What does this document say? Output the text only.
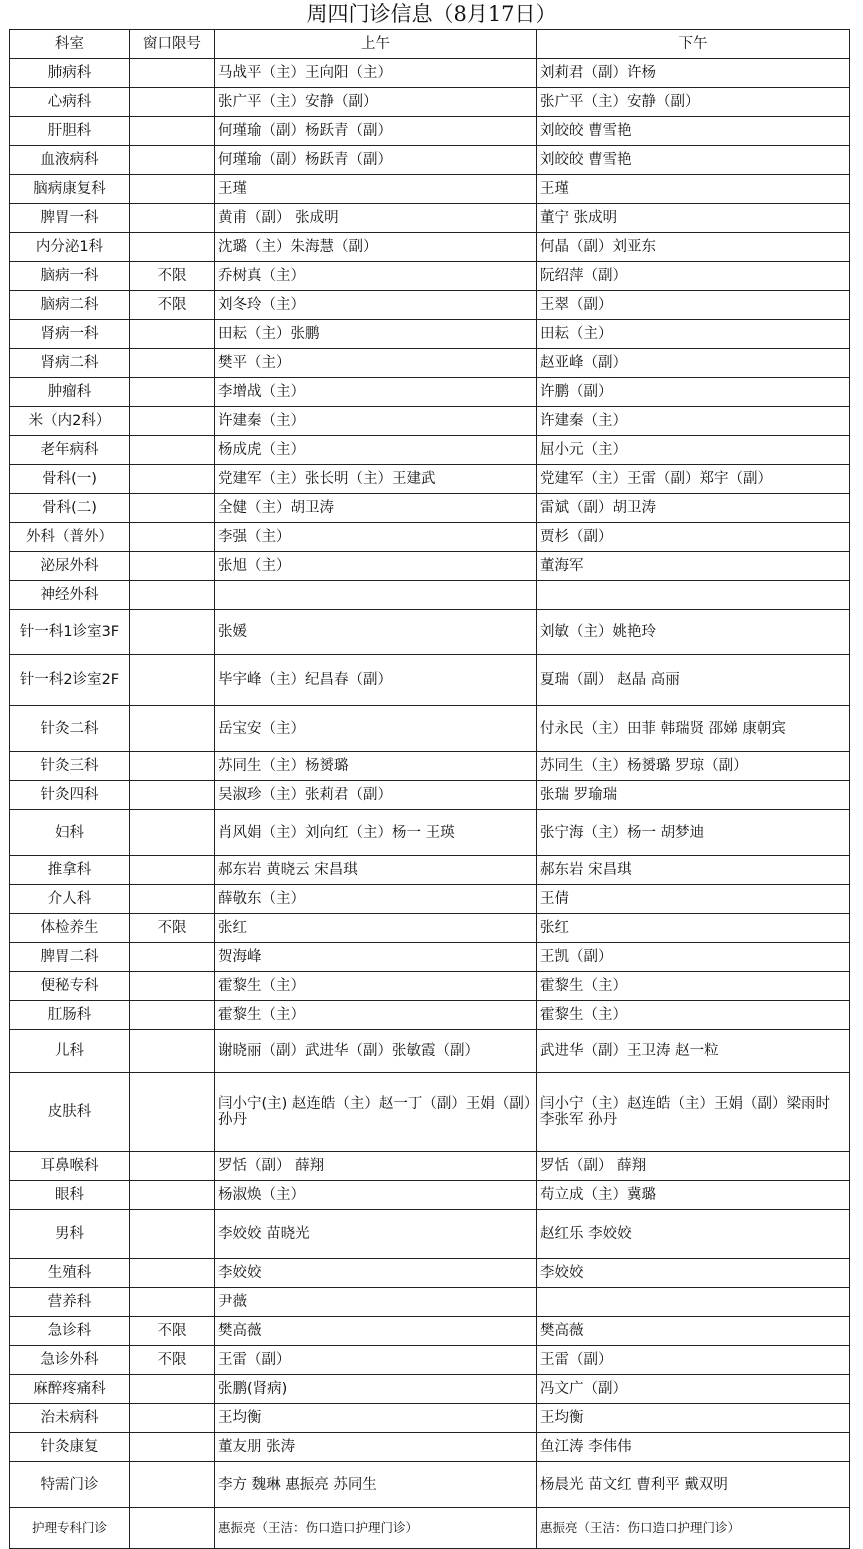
周四门诊信息（8月17日）
科室	窗口限号	上午	下午
肺病科		马战平（主）王向阳（主）	刘莉君（副）许杨
心病科		张广平（主）安静（副）	张广平（主）安静（副）
肝胆科		何瑾瑜（副）杨跃青（副）	刘皎皎 曹雪艳
血液病科		何瑾瑜（副）杨跃青（副）	刘皎皎 曹雪艳
脑病康复科		王瑾	王瑾
脾胃一科		黄甫（副） 张成明	董宁 张成明
内分泌1科		沈璐（主）朱海慧（副）	何晶（副）刘亚东
脑病一科	不限	乔树真（主）	阮绍萍（副）
脑病二科	不限	刘冬玲（主）	王翠（副）
肾病一科		田耘（主）张鹏	田耘（主）
肾病二科		樊平（主）	赵亚峰（副）
肿瘤科		李增战（主）	许鹏（副）
米（内2科）		许建秦（主）	许建秦（主）
老年病科		杨成虎（主）	屈小元（主）
骨科(一)		党建军（主）张长明（主）王建武	党建军（主）王雷（副）郑宇（副）
骨科(二)		全健（主）胡卫涛	雷斌（副）胡卫涛
外科（普外）		李强（主）	贾杉（副）
泌尿外科		张旭（主）	董海军
神经外科			
针一科1诊室3F		张媛	刘敏（主）姚艳玲
针一科2诊室2F		毕宇峰（主）纪昌春（副）	夏瑞（副） 赵晶 高丽
针灸二科		岳宝安（主）	付永民（主）田菲 韩瑞贤 邵娣 康朝宾
针灸三科		苏同生（主）杨赟璐	苏同生（主）杨赟璐 罗琼（副）
针灸四科		吴淑珍（主）张莉君（副）	张瑞 罗瑜瑞
妇科		肖风娟（主）刘向红（主）杨一 王瑛	张宁海（主）杨一 胡梦迪
推拿科		郝东岩 黄晓云 宋昌琪	郝东岩 宋昌琪
介人科		薛敬东（主）	王倩
体检养生	不限	张红	张红
脾胃二科		贺海峰	王凯（副）
便秘专科		霍黎生（主）	霍黎生（主）
肛肠科		霍黎生（主）	霍黎生（主）
儿科		谢晓丽（副）武进华（副）张敏霞（副）	武进华（副）王卫涛 赵一粒
皮肤科		闫小宁(主) 赵连皓（主）赵一丁（副）王娟（副）孙丹	闫小宁（主）赵连皓（主）王娟（副）梁雨时 李张军 孙丹
耳鼻喉科		罗恬（副） 薛翔	罗恬（副） 薛翔
眼科		杨淑焕（主）	苟立成（主）冀璐
男科		李姣姣 苗晓光	赵红乐 李姣姣
生殖科		李姣姣	李姣姣
营养科		尹薇	
急诊科	不限	樊高薇	樊高薇
急诊外科	不限	王雷（副）	王雷（副）
麻醉疼痛科		张鹏(肾病)	冯文广（副）
治未病科		王均衡	王均衡
针灸康复		董友朋 张涛	鱼江涛 李伟伟
特需门诊		李方 魏琳 惠振亮 苏同生	杨晨光 苗文红 曹利平 戴双明
护理专科门诊		惠振亮（王洁：伤口造口护理门诊）	惠振亮（王洁：伤口造口护理门诊）
